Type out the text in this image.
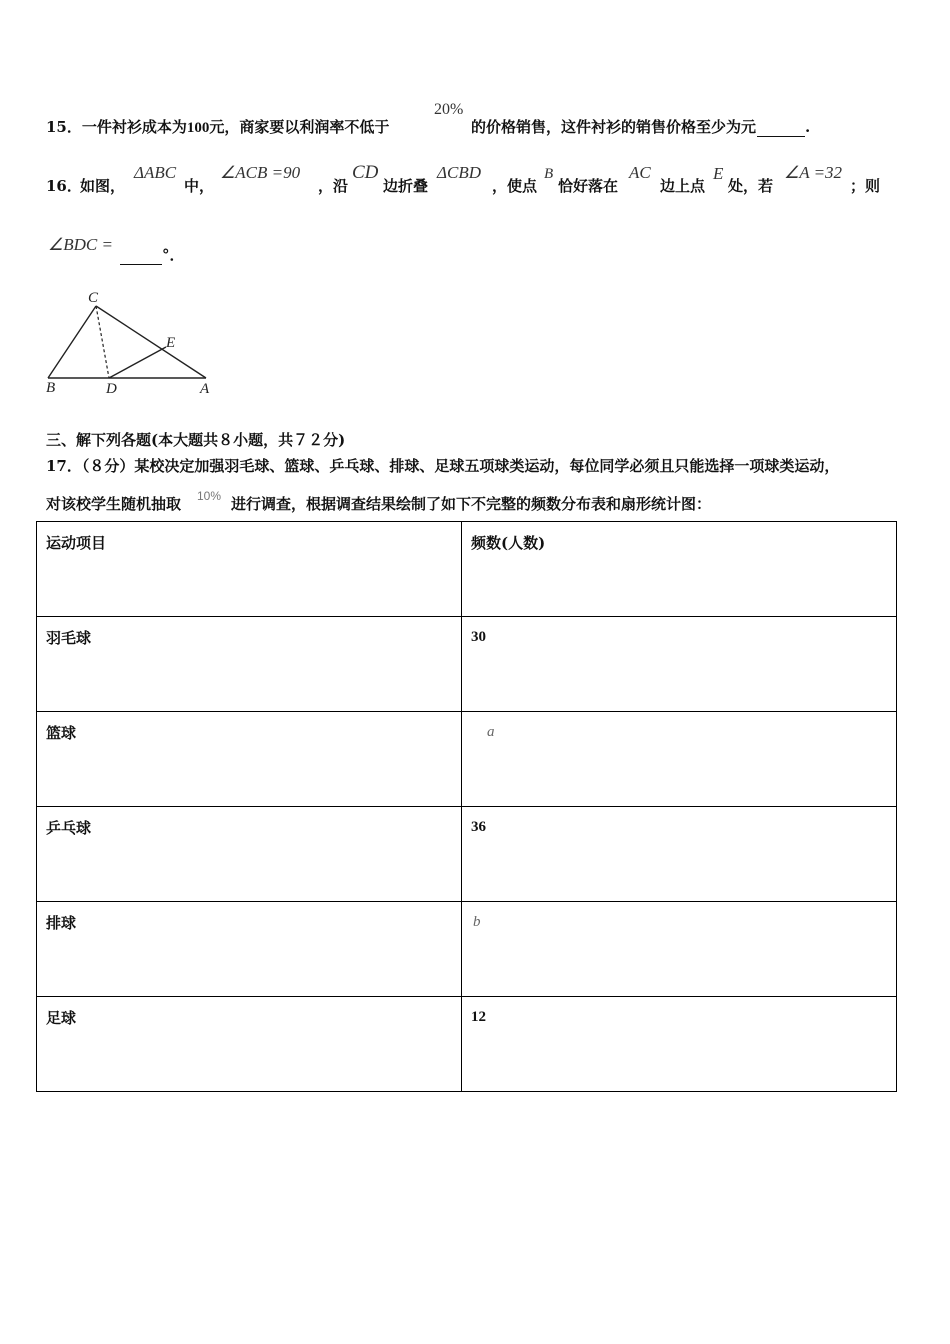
15．一件衬衫成本为100元，商家要以利润率不低于
20%
的价格销售，这件衬衫的销售价格至少为元	.
16．
如图，
ΔABC
中，
∠ACB =90
，沿
CD
边折叠
ΔCBD
，使点
B
恰好落在
AC
边上点
E
处，若
∠A =32
；则
∠BDC =
°．
C
E
B	D	A
三、解下列各题(本大题共８小题，共７２分)
17．（８分）某校决定加强羽毛球、篮球、乒乓球、排球、足球五项球类运动，每位同学必须且只能选择一项球类运动，
对该校学生随机抽取 10% 进行调查，根据调查结果绘制了如下不完整的频数分布表和扇形统计图：
运动项目	频数(人数)
羽毛球	30
篮球	a
乒乓球	36
排球	b
足球	12
